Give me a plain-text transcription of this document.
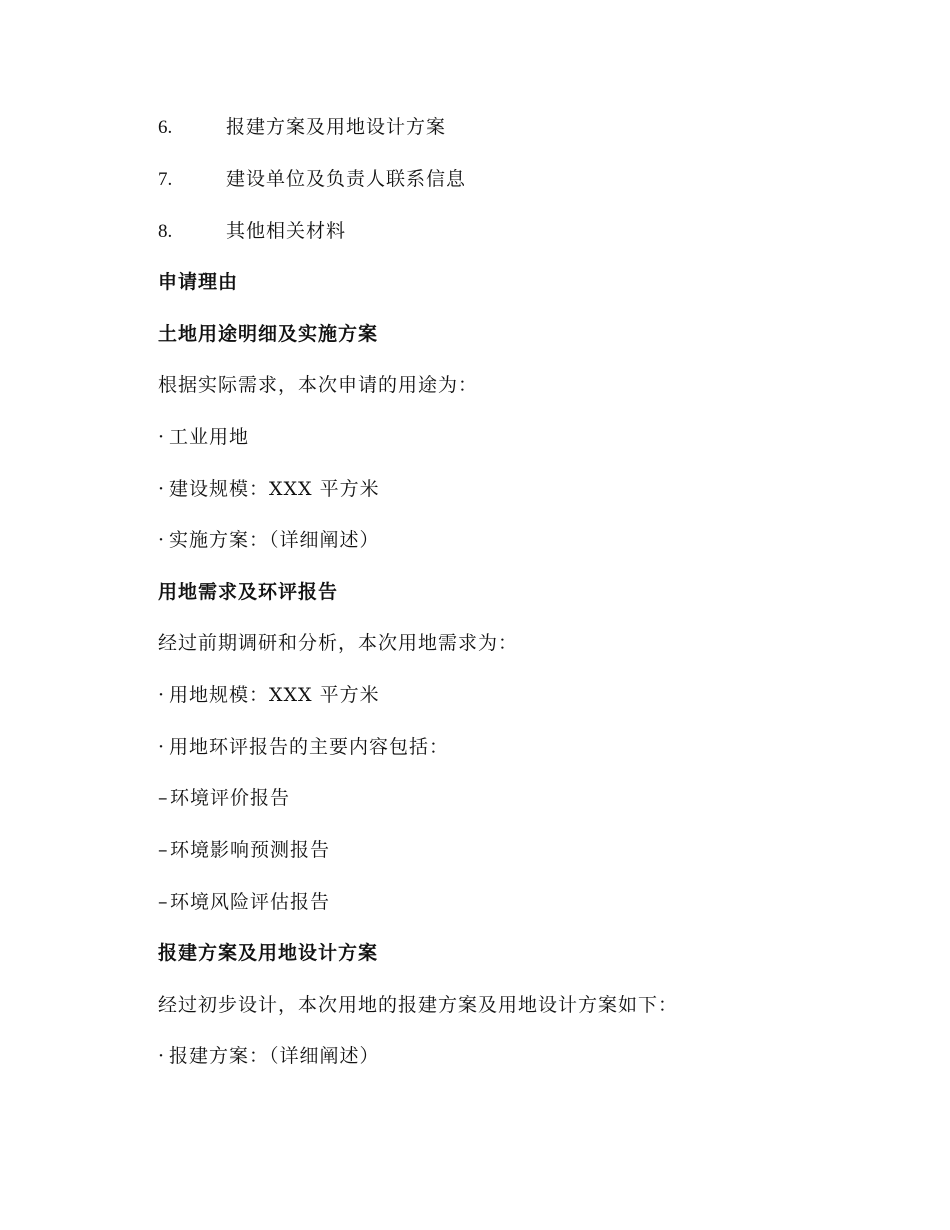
6.	报建方案及用地设计方案
7.	建设单位及负责人联系信息
8.	其他相关材料
申请理由
土地用途明细及实施方案
根据实际需求，本次申请的用途为：
· 工业用地
· 建设规模：XXX 平方米
· 实施方案：（详细阐述）
用地需求及环评报告
经过前期调研和分析，本次用地需求为：
· 用地规模：XXX 平方米
· 用地环评报告的主要内容包括：
–环境评价报告
–环境影响预测报告
–环境风险评估报告
报建方案及用地设计方案
经过初步设计，本次用地的报建方案及用地设计方案如下：
· 报建方案：（详细阐述）
